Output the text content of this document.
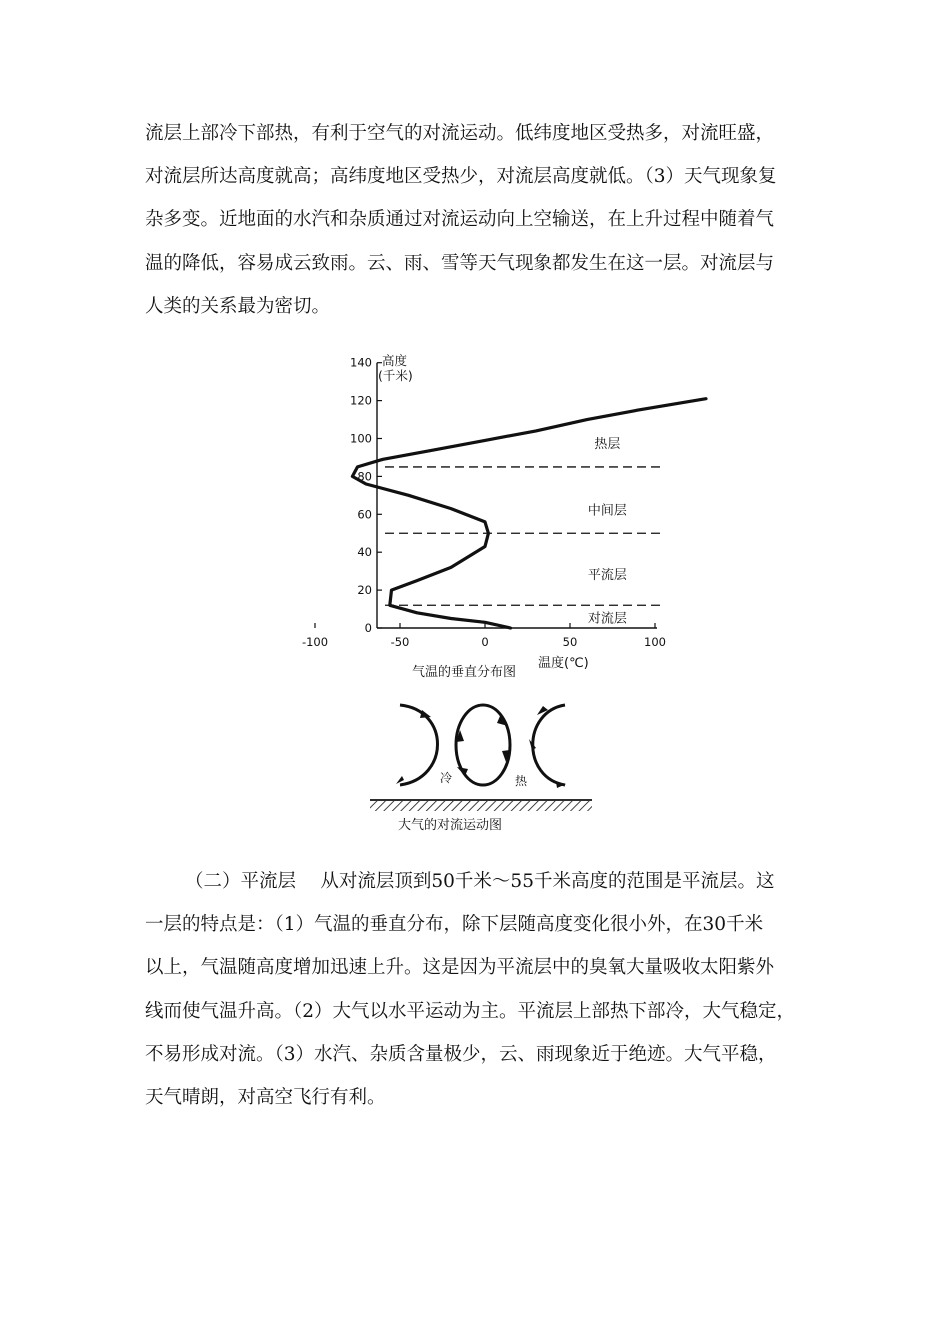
流层上部冷下部热，有利于空气的对流运动。低纬度地区受热多，对流旺盛，

对流层所达高度就高；高纬度地区受热少，对流层高度就低。（3）天气现象复

杂多变。近地面的水汽和杂质通过对流运动向上空输送，在上升过程中随着气

温的降低，容易成云致雨。云、雨、雪等天气现象都发生在这一层。对流层与

人类的关系最为密切。

0
20
40
60
80
100
120
140
-100	-50	0	50	100
对流层
平流层
中间层
热层
高度
(千米)
温度(℃)
气温的垂直分布图
冷	热
大气的对流运动图

（二）平流层　 从对流层顶到50千米～55千米高度的范围是平流层。这

一层的特点是：（1）气温的垂直分布，除下层随高度变化很小外，在30千米

以上，气温随高度增加迅速上升。这是因为平流层中的臭氧大量吸收太阳紫外

线而使气温升高。（2）大气以水平运动为主。平流层上部热下部冷，大气稳定，

不易形成对流。（3）水汽、杂质含量极少，云、雨现象近于绝迹。大气平稳，

天气晴朗，对高空飞行有利。
